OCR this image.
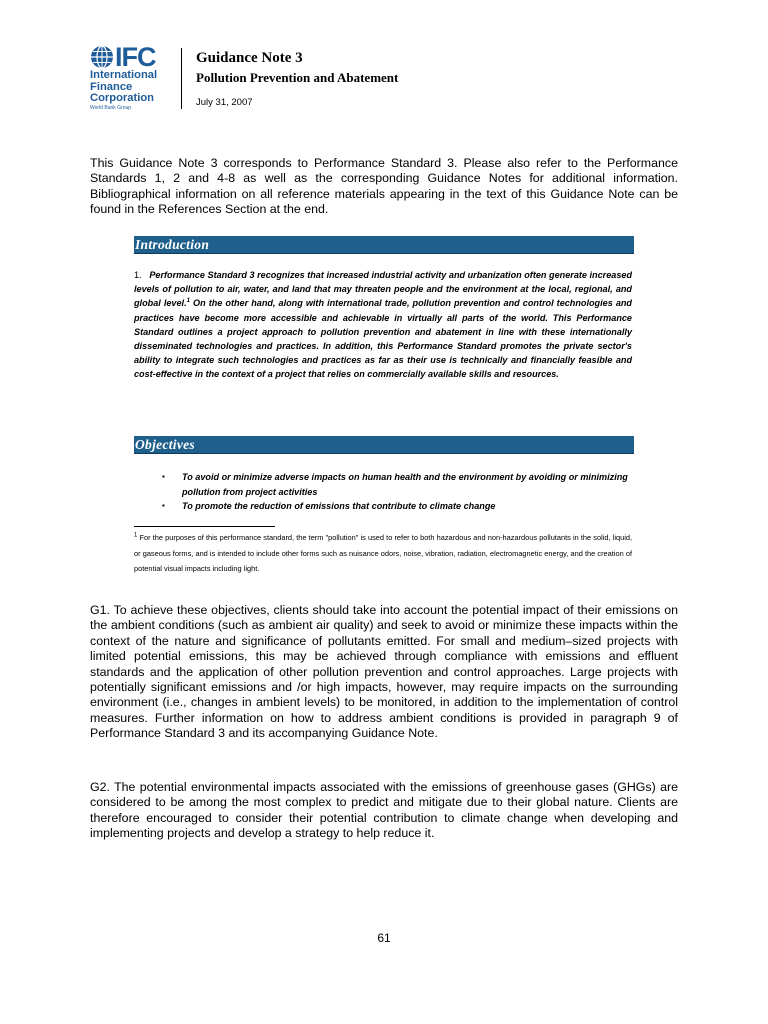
IFC
International
Finance
Corporation
World Bank Group
Guidance Note 3
Pollution Prevention and Abatement
July 31, 2007

This Guidance Note 3 corresponds to Performance Standard 3. Please also refer to the Performance Standards 1, 2 and 4-8 as well as the corresponding Guidance Notes for additional information. Bibliographical information on all reference materials appearing in the text of this Guidance Note can be found in the References Section at the end.

Introduction

1. Performance Standard 3 recognizes that increased industrial activity and urbanization often generate increased levels of pollution to air, water, and land that may threaten people and the environment at the local, regional, and global level.$^1$ On the other hand, along with international trade, pollution prevention and control technologies and practices have become more accessible and achievable in virtually all parts of the world. This Performance Standard outlines a project approach to pollution prevention and abatement in line with these internationally disseminated technologies and practices. In addition, this Performance Standard promotes the private sector's ability to integrate such technologies and practices as far as their use is technically and financially feasible and cost-effective in the context of a project that relies on commercially available skills and resources.

Objectives
▪ To avoid or minimize adverse impacts on human health and the environment by avoiding or minimizing pollution from project activities
▪ To promote the reduction of emissions that contribute to climate change

$^1$ For the purposes of this performance standard, the term "pollution" is used to refer to both hazardous and non-hazardous pollutants in the solid, liquid, or gaseous forms, and is intended to include other forms such as nuisance odors, noise, vibration, radiation, electromagnetic energy, and the creation of potential visual impacts including light.

G1. To achieve these objectives, clients should take into account the potential impact of their emissions on the ambient conditions (such as ambient air quality) and seek to avoid or minimize these impacts within the context of the nature and significance of pollutants emitted. For small and medium–sized projects with limited potential emissions, this may be achieved through compliance with emissions and effluent standards and the application of other pollution prevention and control approaches. Large projects with potentially significant emissions and /or high impacts, however, may require impacts on the surrounding environment (i.e., changes in ambient levels) to be monitored, in addition to the implementation of control measures. Further information on how to address ambient conditions is provided in paragraph 9 of Performance Standard 3 and its accompanying Guidance Note.

G2. The potential environmental impacts associated with the emissions of greenhouse gases (GHGs) are considered to be among the most complex to predict and mitigate due to their global nature. Clients are therefore encouraged to consider their potential contribution to climate change when developing and implementing projects and develop a strategy to help reduce it.

61
